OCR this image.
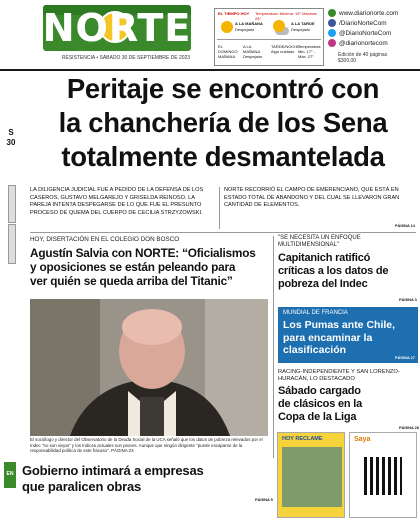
NORTE
RESISTENCIA • SÁBADO 30 DE SEPTIEMBRE DE 2023
EL TIEMPO HOY Temperatura: Mínima: 19° Máxima: 28°
A LA MAÑANA
Despejado
A LA TARDE
Despejado
EL DOMINGO MAÑANA
A LA MAÑANA Despejado
TARDE/NOCHE Algo nublado
Temperatura Min. 17° - Máx. 27°
www.diarionorte.com
/DiarioNorteCom
@DiarioNorteCom
@diarionortecom
Edición de 40 páginas
$300,00
Peritaje se encontró con
la chanchería de los Sena
totalmente desmantelada
S
30
LA DILIGENCIA JUDICIAL FUE A PEDIDO DE LA DEFENSA DE LOS CASEROS, GUSTAVO MELGAREJO Y GRISELDA REINOSO. LA PAREJA INTENTA DESPEGARSE DE LO QUE FUE EL PRESUNTO PROCESO DE QUEMA DEL CUERPO DE CECILIA STRZYZOWSKI.
NORTE RECORRIÓ EL CAMPO DE EMERENCIANO, QUE ESTÁ EN ESTADO TOTAL DE ABANDONO Y DEL CUAL SE LLEVARON GRAN CANTIDAD DE ELEMENTOS.
PÁGINA 14
HOY, DISERTACIÓN EN EL COLEGIO DON BOSCO
Agustín Salvia con NORTE: “Oficialismos
y oposiciones se están peleando para
ver quién se queda arriba del Titanic”
El sociólogo y director del Observatorio de la Deuda Social de la UCA señaló que los datos de pobreza relevados por el Indec "no son viejos" y los índices actuales son peores. Aunque que ningún dirigente "puede escaparse de la responsabilidad política de este fracaso". PÁGINA 23
"SE NECESITA UN ENFOQUE
MULTIDIMENSIONAL"
Capitanich ratificó
críticas a los datos de
pobreza del Indec
PÁGINA 3
MUNDIAL DE FRANCIA
Los Pumas ante Chile,
para encaminar la
clasificación
PÁGINA 27
RACING-INDEPENDIENTE Y SAN LORENZO-
HURACÁN, LO DESTACADO
Sábado cargado
de clásicos en la
Copa de la Liga
PÁGINA 28
EN Gobierno intimará a empresas
que paralicen obras
PÁGINA 5
HOY RECLAME	Saya
